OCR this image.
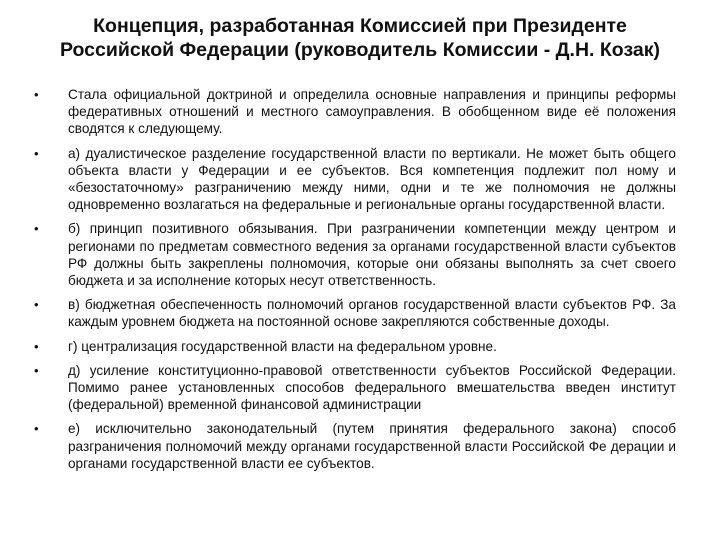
Концепция, разработанная Комиссией при Президенте
Российской Федерации (руководитель Комиссии - Д.Н. Козак)
• Стала официальной доктриной и определила основные направления и принципы реформы федеративных отношений и местного самоуправления. В обобщенном виде её положения сводятся к следующему.
• а) дуалистическое разделение государственной власти по вертикали. Не может быть общего объекта власти у Федерации и ее субъектов. Вся компетенция подлежит пол ному и «безостаточному» разграничению между ними, одни и те же полномочия не должны одновременно возлагаться на федеральные и региональные органы государственной власти.
• б) принцип позитивного обязывания. При разграничении компетенции между центром и регионами по предметам совместного ведения за органами государственной власти субъектов РФ должны быть закреплены полномочия, которые они обязаны выполнять за счет своего бюджета и за исполнение которых несут ответственность.
• в) бюджетная обеспеченность полномочий органов государственной власти субъектов РФ. За каждым уровнем бюджета на постоянной основе закрепляются собственные доходы.
• г) централизация государственной власти на федеральном уровне.
• д) усиление конституционно-правовой ответственности субъектов Российской Федерации. Помимо ранее установленных способов федерального вмешательства введен институт (федеральной) временной финансовой администрации
• е) исключительно законодательный (путем принятия федерального закона) способ разграничения полномочий между органами государственной власти Российской Фе дерации и органами государственной власти ее субъектов.
